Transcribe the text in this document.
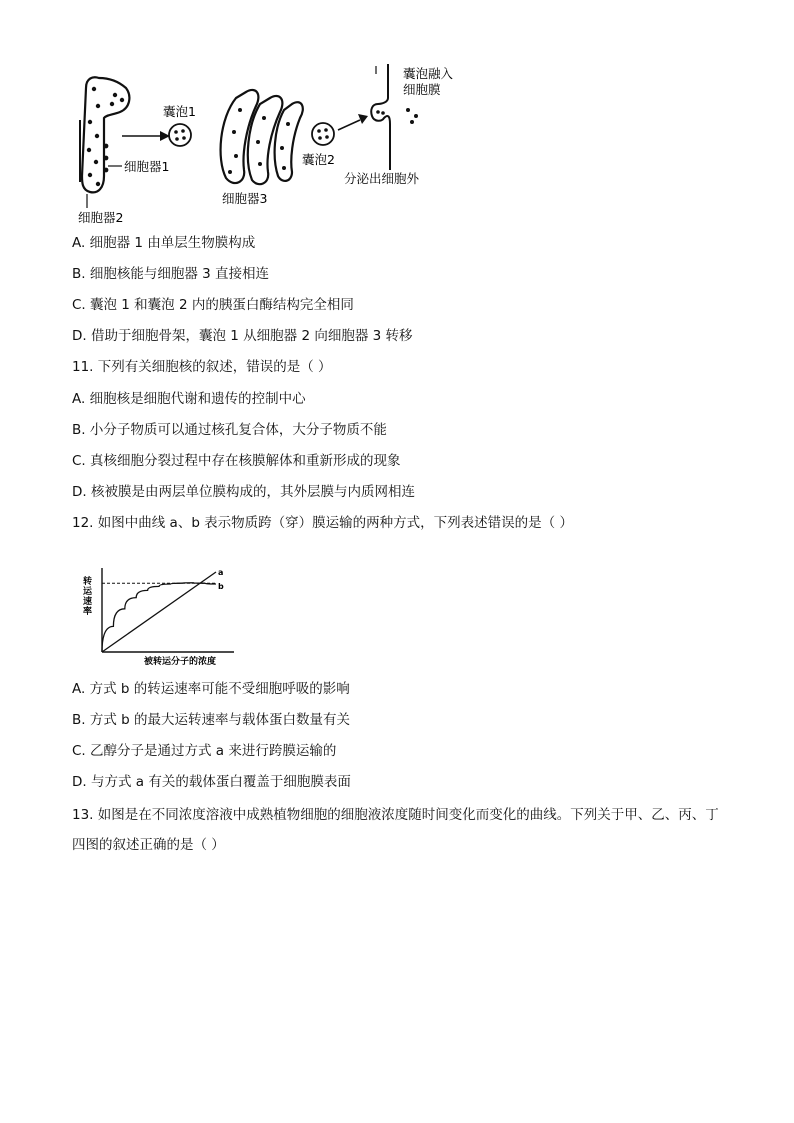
细胞器1
细胞器2
细胞器3
囊泡1
囊泡2
囊泡融入
细胞膜
分泌出细胞外
A. 细胞器 1 由单层生物膜构成
B. 细胞核能与细胞器 3 直接相连
C. 囊泡 1 和囊泡 2 内的胰蛋白酶结构完全相同
D. 借助于细胞骨架，囊泡 1 从细胞器 2 向细胞器 3 转移
11. 下列有关细胞核的叙述，错误的是（ ）
A. 细胞核是细胞代谢和遗传的控制中心
B. 小分子物质可以通过核孔复合体，大分子物质不能
C. 真核细胞分裂过程中存在核膜解体和重新形成的现象
D. 核被膜是由两层单位膜构成的，其外层膜与内质网相连
12. 如图中曲线 a、b 表示物质跨（穿）膜运输的两种方式，下列表述错误的是（ ）
转运速率
a
b
被转运分子的浓度
A. 方式 b 的转运速率可能不受细胞呼吸的影响
B. 方式 b 的最大运转速率与载体蛋白数量有关
C. 乙醇分子是通过方式 a 来进行跨膜运输的
D. 与方式 a 有关的载体蛋白覆盖于细胞膜表面
13. 如图是在不同浓度溶液中成熟植物细胞的细胞液浓度随时间变化而变化的曲线。下列关于甲、乙、丙、丁四图的叙述正确的是（ ）
